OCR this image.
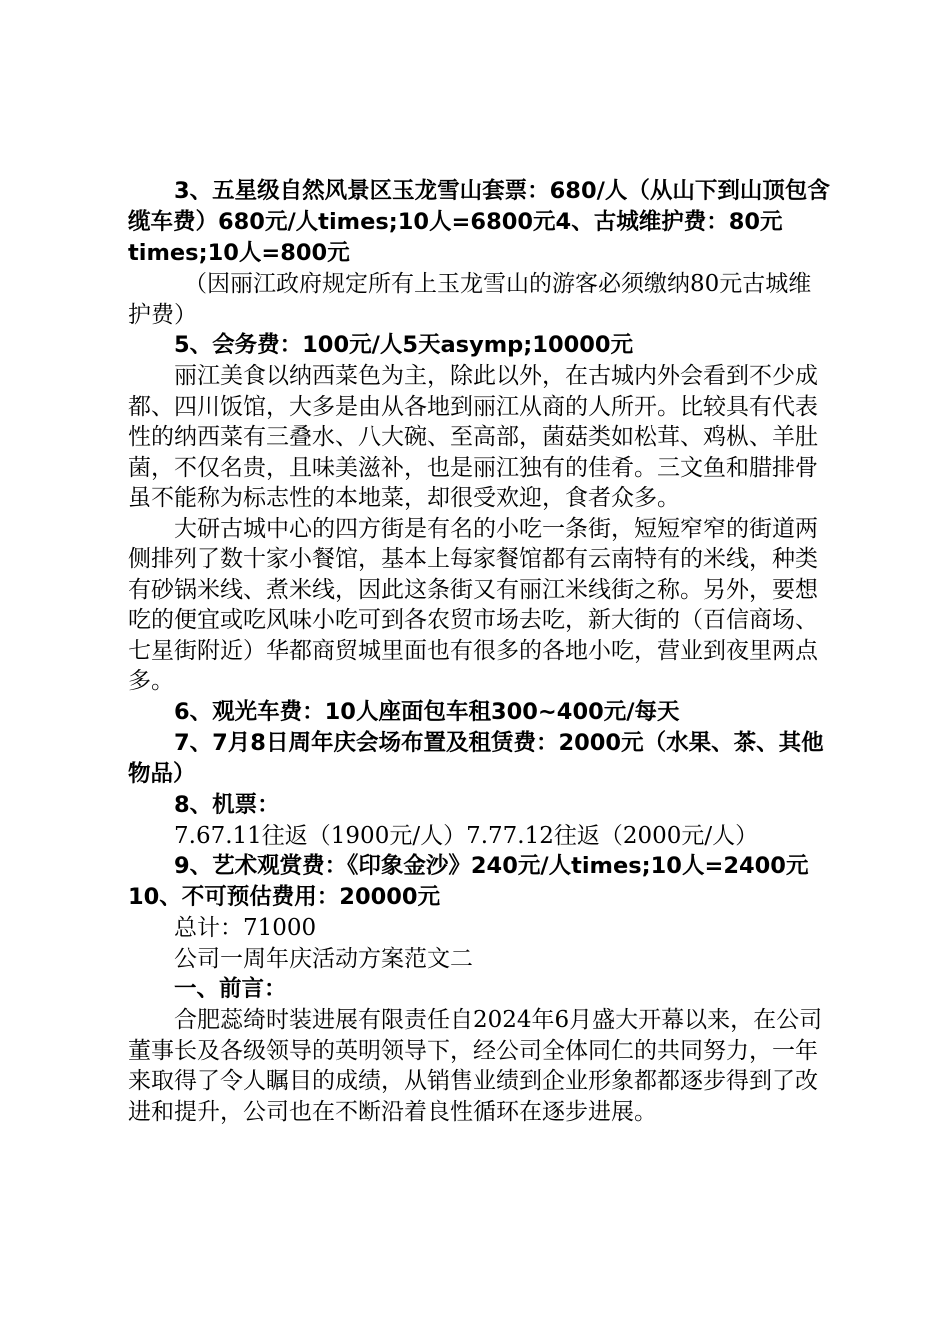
3、五星级自然风景区玉龙雪山套票：680/人（从山下到山顶包含缆车费）680元/人times;10人=6800元4、古城维护费：80元times;10人=800元

（因丽江政府规定所有上玉龙雪山的游客必须缴纳80元古城维护费）

5、会务费：100元/人5天asymp;10000元

丽江美食以纳西菜色为主，除此以外，在古城内外会看到不少成都、四川饭馆，大多是由从各地到丽江从商的人所开。比较具有代表性的纳西菜有三叠水、八大碗、至高部，菌菇类如松茸、鸡枞、羊肚菌，不仅名贵，且味美滋补，也是丽江独有的佳肴。三文鱼和腊排骨虽不能称为标志性的本地菜，却很受欢迎，食者众多。

大研古城中心的四方街是有名的小吃一条街，短短窄窄的街道两侧排列了数十家小餐馆，基本上每家餐馆都有云南特有的米线，种类有砂锅米线、煮米线，因此这条街又有丽江米线街之称。另外，要想吃的便宜或吃风味小吃可到各农贸市场去吃，新大街的（百信商场、七星街附近）华都商贸城里面也有很多的各地小吃，营业到夜里两点多。

6、观光车费：10人座面包车租300~400元/每天

7、7月8日周年庆会场布置及租赁费：2000元（水果、茶、其他物品）

8、机票：

7.67.11往返（1900元/人）7.77.12往返（2000元/人）

9、艺术观赏费：《印象金沙》240元/人times;10人=2400元10、不可预估费用：20000元

总计：71000

公司一周年庆活动方案范文二

一、前言：

合肥蕊绮时装进展有限责任自2024年6月盛大开幕以来，在公司董事长及各级领导的英明领导下，经公司全体同仁的共同努力，一年来取得了令人瞩目的成绩，从销售业绩到企业形象都都逐步得到了改进和提升，公司也在不断沿着良性循环在逐步进展。
